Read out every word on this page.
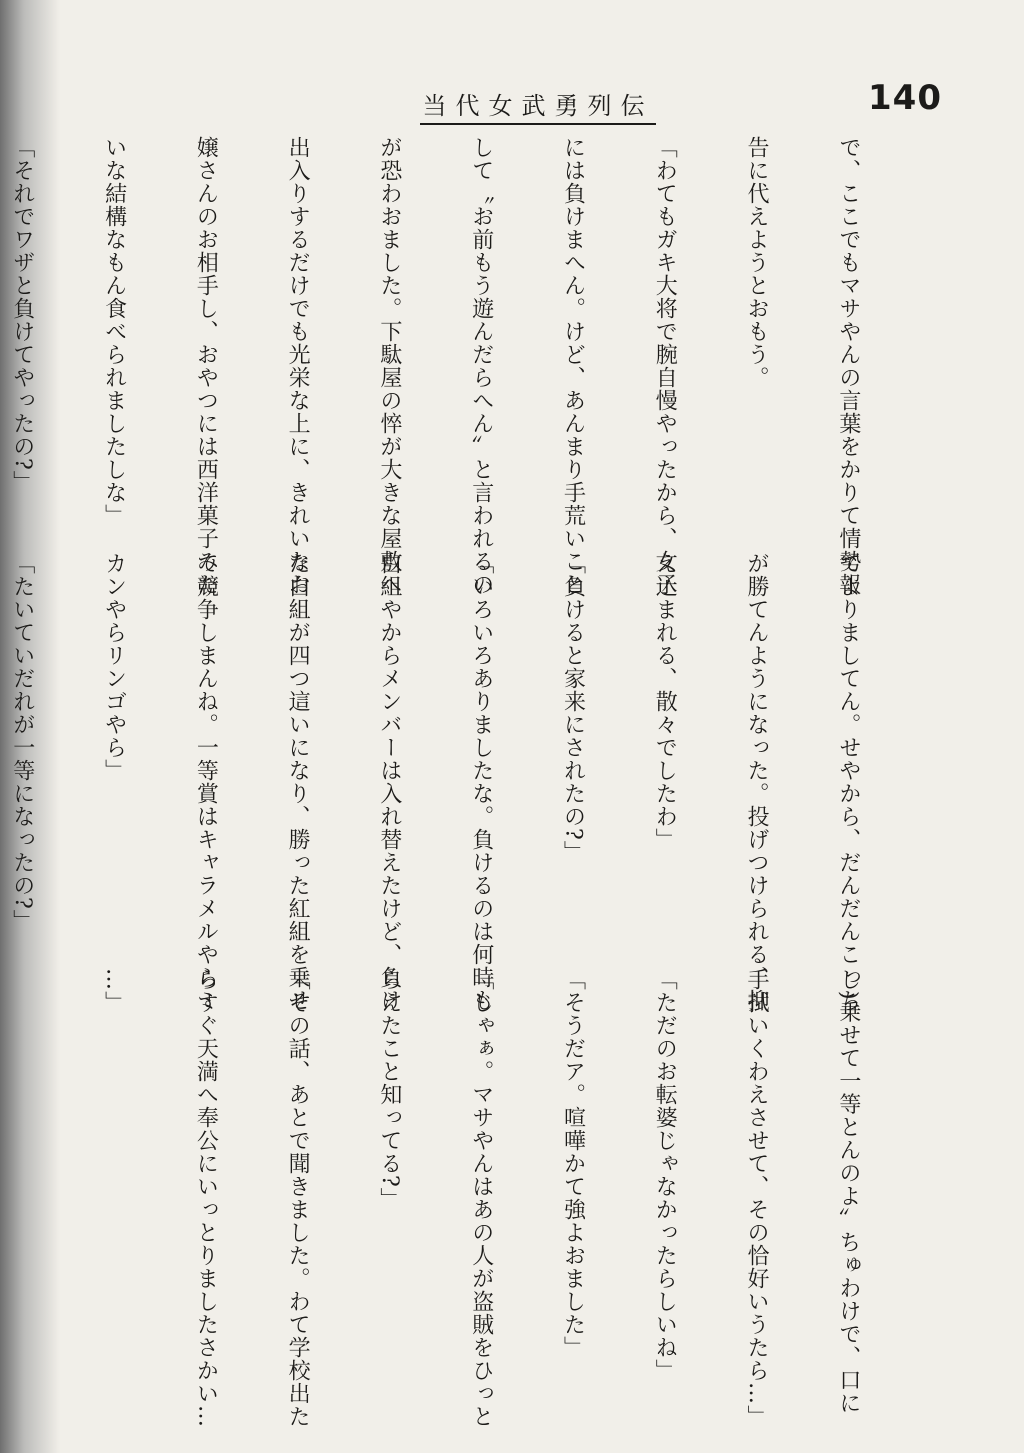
当代女武勇列伝	140

で、ここでもマサやんの言葉をかりて情勢報

告に代えようとおもう。

「わてもガキ大将で腕自慢やったから、女子

には負けまへん。けど、あんまり手荒いこと

して〝お前もう遊んだらへん〟と言われるの

が恐わおました。下駄屋の悴が大きな屋敷へ

出入りするだけでも光栄な上に、きれいなお

嬢さんのお相手し、おやつには西洋菓子みた

いな結構なもん食べられましたしな」

「それでワザと負けてやったの?」

てよりましてん。せやから、だんだんこっち

が勝てんようになった。投げつけられる、抑

え込まれる、散々でしたわ」

「負けると家来にされたの?」

「いろいろありましたな。負けるのは何時も

白組やからメンバーは入れ替えたけど、負け

た白組が四つ這いになり、勝った紅組を乗せ

て競争しまんね。一等賞はキャラメルやらミ

カンやらリンゴやら」

「たいていだれが一等になったの?」

し)乗せて一等とんのよ〟ちゅわけで、口に

手拭いくわえさせて、その恰好いうたら…」

「ただのお転婆じゃなかったらしいね」

「そうだア。喧嘩かて強よおました」

「じゃぁ。マサやんはあの人が盗賊をひっと

らえたこと知ってる?」

「その話、あとで聞きました。わて学校出た

らすぐ天満へ奉公にいっとりましたさかい…

…」
